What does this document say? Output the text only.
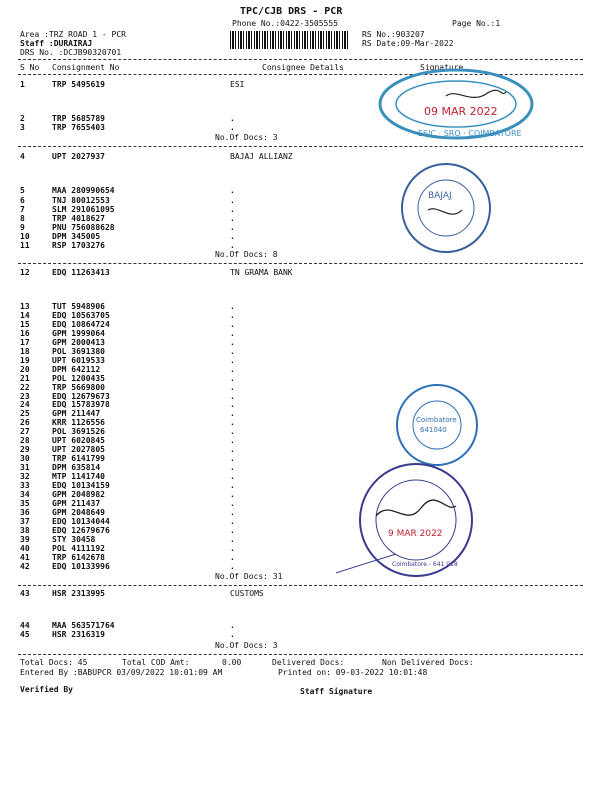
TPC/CJB DRS - PCR
Phone No.:0422-3505555	Page No.:1
Area :TRZ ROAD 1 - PCR
Staff :DURAIRAJ
DRS No. :DCJB90320701
RS No.:903207
RS Date:09-Mar-2022
S No Consignment No	Consignee Details	Signature
1	TRP 5495619	ESI
2	TRP 5685789	.
3	TRP 7655403	.
No.Of Docs: 3
4	UPT 2027937	BAJAJ ALLIANZ
5	MAA 280990654	.
6	TNJ 80012553	.
7	SLM 291061095	.
8	TRP 4018627	.
9	PNU 756088628	.
10	DPM 345005	.
11	RSP 1703276	.
No.Of Docs: 8
12	EDQ 11263413	TN GRAMA BANK
13	TUT 5948906	.
14	EDQ 10563705	.
15	EDQ 10864724	.
16	GPM 1999064	.
17	GPM 2000413	.
18	POL 3691380	.
19	UPT 6019533	.
20	DPM 642112	.
21	POL 1200435	.
22	TRP 5669800	.
23	EDQ 12679673	.
24	EDQ 15783978	.
25	GPM 211447	.
26	KRR 1126556	.
27	POL 3691526	.
28	UPT 6020845	.
29	UPT 2027805	.
30	TRP 6141799	.
31	DPM 635814	.
32	MTP 1141740	.
33	EDQ 10134159	.
34	GPM 2048982	.
35	GPM 211437	.
36	GPM 2048649	.
37	EDQ 10134044	.
38	EDQ 12679676	.
39	STY 30458	.
40	POL 4111192	.
41	TRP 6142678	.
42	EDQ 10133996	.
No.Of Docs: 31
43	HSR 2313995	CUSTOMS
44	MAA 563571764	.
45	HSR 2316319	.
No.Of Docs: 3
Total Docs: 45	Total COD Amt:	0.00	Delivered Docs:	Non Delivered Docs:
Entered By :BABUPCR 03/09/2022 10:01:09 AM	Printed on: 09-03-2022 10:01:48
Verified By	Staff Signature
ESIC · SRO · COIMBATORE
09 MAR 2022
BAJAJ
Coimbatore
641040
9 MAR 2022
Coimbatore - 641 018
